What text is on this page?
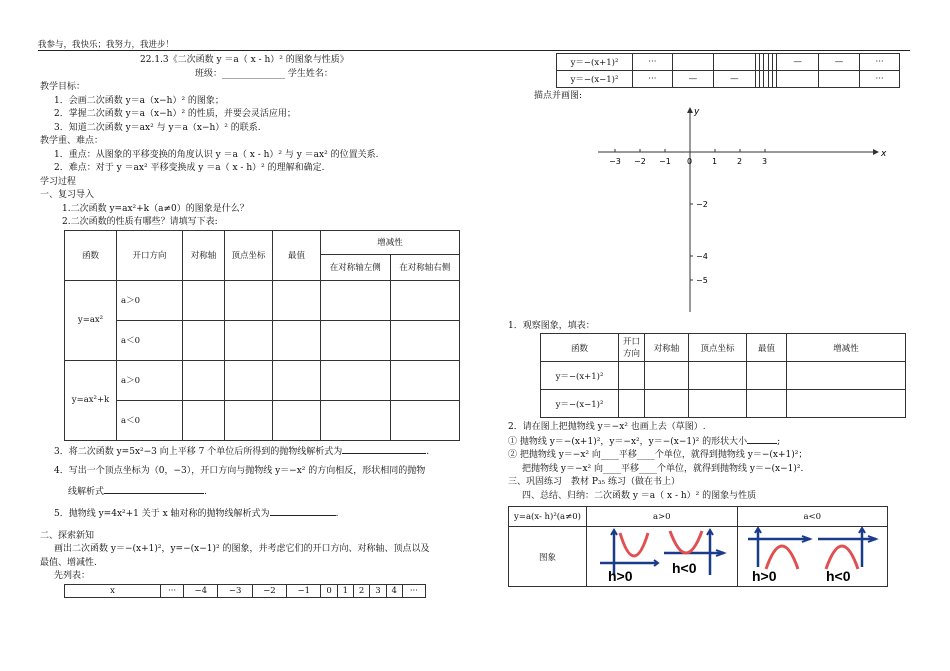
我参与，我快乐；我努力，我进步！
22.1.3《二次函数 y ＝a（ x - h）² 的图象与性质》
班级：______________ 学生姓名：
教学目标：
1．会画二次函数 y＝a（x−h）² 的图象；
2．掌握二次函数 y＝a（x−h）² 的性质，并要会灵活应用；
3．知道二次函数 y＝ax² 与 y＝a（x−h）² 的联系.
教学重、难点：
1．重点：从图象的平移变换的角度认识 y ＝a（ x - h）² 与 y ＝ax² 的位置关系.
2．难点：对于 y ＝ax² 平移变换成 y ＝a（ x - h）² 的理解和确定.
学习过程
一、复习导入
1.二次函数 y=ax²+k（a≠0）的图象是什么？
2.二次函数的性质有哪些？请填写下表:
函数	开口方向	对称轴	顶点坐标	最值	增减性	
					在对称轴左侧	在对称轴右侧
y=ax²	a＞0					
	a＜0					
y=ax²+k	a＞0					
	a＜0					
3．将二次函数 y=5x²−3 向上平移 7 个单位后所得到的抛物线解析式为	.
4．写出一个顶点坐标为（0，−3），开口方向与抛物线 y＝−x² 的方向相反，形状相同的抛物
线解析式	.
5．抛物线 y=4x²+1 关于 x 轴对称的抛物线解析式为	.
二、探索新知
画出二次函数 y＝−(x+1)²，y=−(x−1)² 的图象，并考虑它们的开口方向、对称轴、顶点以及
最值、增减性.
先列表：
x	···	−4	−3	−2	−1	0	1	2	3	4	···
y＝−(x+1)²	···								—	—	···
y＝−(x−1)²	···	—	—								···
描点并画图:
x
y
−3 −2 −1 0 1 2 3
−2
−4
−5
1．观察图象，填表：
函数	开口方向	对称轴	顶点坐标	最值	增减性
y＝−(x+1)²					
y＝−(x−1)²					
2．请在图上把抛物线 y＝−x² 也画上去（草图）.
① 抛物线 y＝−(x+1)²，y＝−x²，y＝−(x−1)² 的形状大小	;
② 把抛物线 y＝−x² 向____平移____个单位，就得到抛物线 y＝−(x+1)²；
把抛物线 y＝−x² 向____平移____个单位，就得到抛物线 y＝−(x−1)².
三、巩固练习　教材 P₃₅ 练习（做在书上）
四、总结、归纳：二次函数 y ＝a（ x - h）² 的图象与性质
y=a(x- h)²(a≠0)	a>0	a<0
图象	h>0 h<0	h>0 h<0
